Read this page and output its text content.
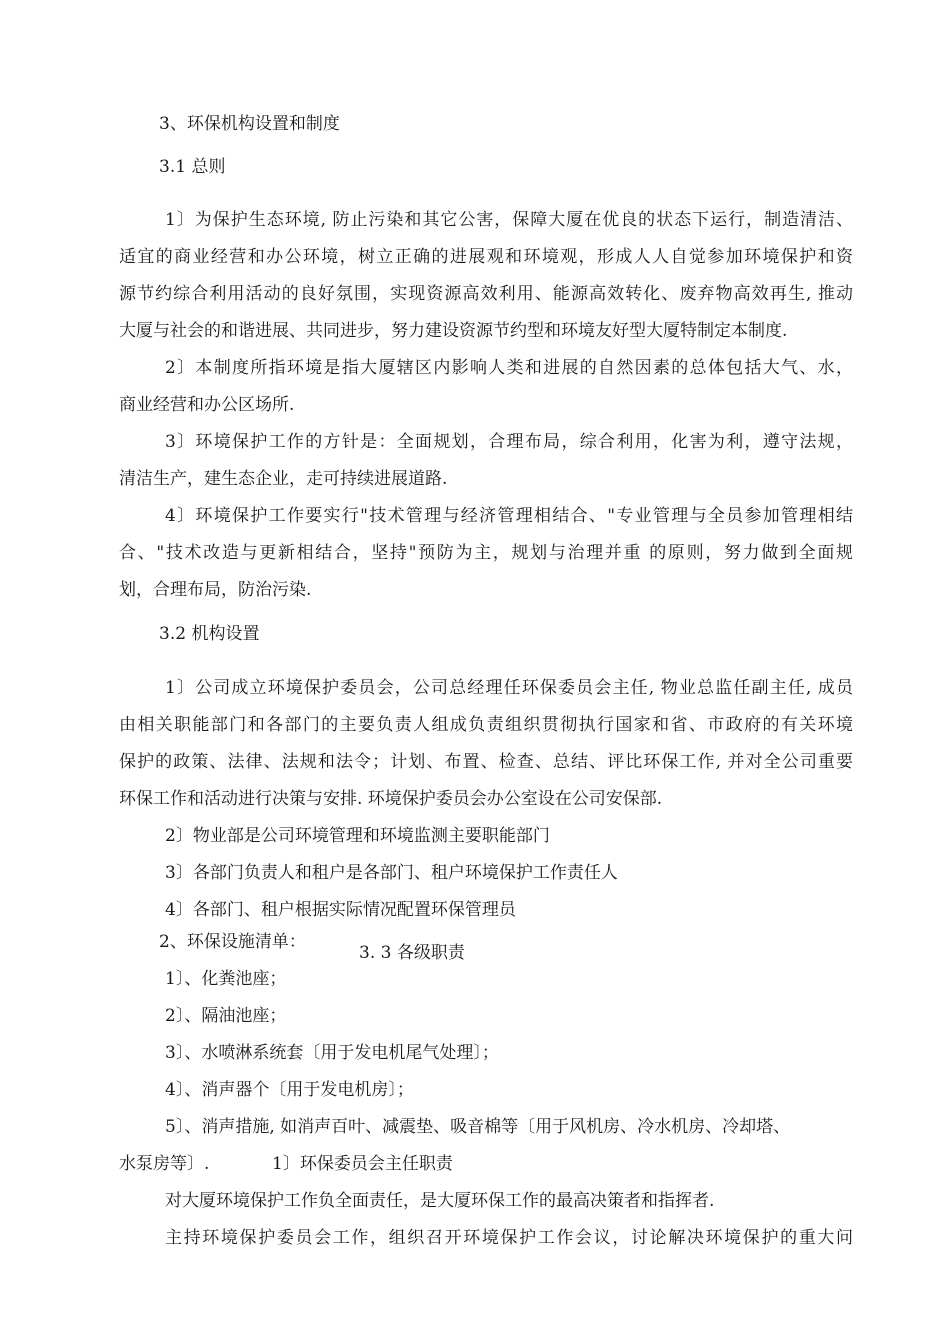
3、环保机构设置和制度
3.1 总则
1〕为保护生态环境, 防止污染和其它公害，保障大厦在优良的状态下运行，制造清洁、
适宜的商业经营和办公环境，树立正确的进展观和环境观，形成人人自觉参加环境保护和资
源节约综合利用活动的良好氛围，实现资源高效利用、能源高效转化、废弃物高效再生, 推动
大厦与社会的和谐进展、共同进步，努力建设资源节约型和环境友好型大厦特制定本制度.
2〕本制度所指环境是指大厦辖区内影响人类和进展的自然因素的总体包括大气、水，
商业经营和办公区场所.
3〕环境保护工作的方针是：全面规划，合理布局，综合利用，化害为利，遵守法规，
清洁生产，建生态企业，走可持续进展道路.
4〕环境保护工作要实行"技术管理与经济管理相结合、"专业管理与全员参加管理相结
合、"技术改造与更新相结合，坚持"预防为主，规划与治理并重 的原则，努力做到全面规
划，合理布局，防治污染.
3.2 机构设置
1〕公司成立环境保护委员会，公司总经理任环保委员会主任, 物业总监任副主任, 成员
由相关职能部门和各部门的主要负责人组成负责组织贯彻执行国家和省、市政府的有关环境
保护的政策、法律、法规和法令；计划、布置、检查、总结、评比环保工作, 并对全公司重要
环保工作和活动进行决策与安排. 环境保护委员会办公室设在公司安保部.
2〕物业部是公司环境管理和环境监测主要职能部门
3〕各部门负责人和租户是各部门、租户环境保护工作责任人
4〕各部门、租户根据实际情况配置环保管理员
2、环保设施清单：
3. 3 各级职责
1〕、化粪池座；
2〕、隔油池座；
3〕、水喷淋系统套〔用于发电机尾气处理〕；
4〕、消声器个〔用于发电机房〕；
5〕、消声措施, 如消声百叶、减震垫、吸音棉等〔用于风机房、冷水机房、冷却塔、
水泵房等〕.	1〕环保委员会主任职责
对大厦环境保护工作负全面责任，是大厦环保工作的最高决策者和指挥者.
主持环境保护委员会工作，组织召开环境保护工作会议，讨论解决环境保护的重大问
